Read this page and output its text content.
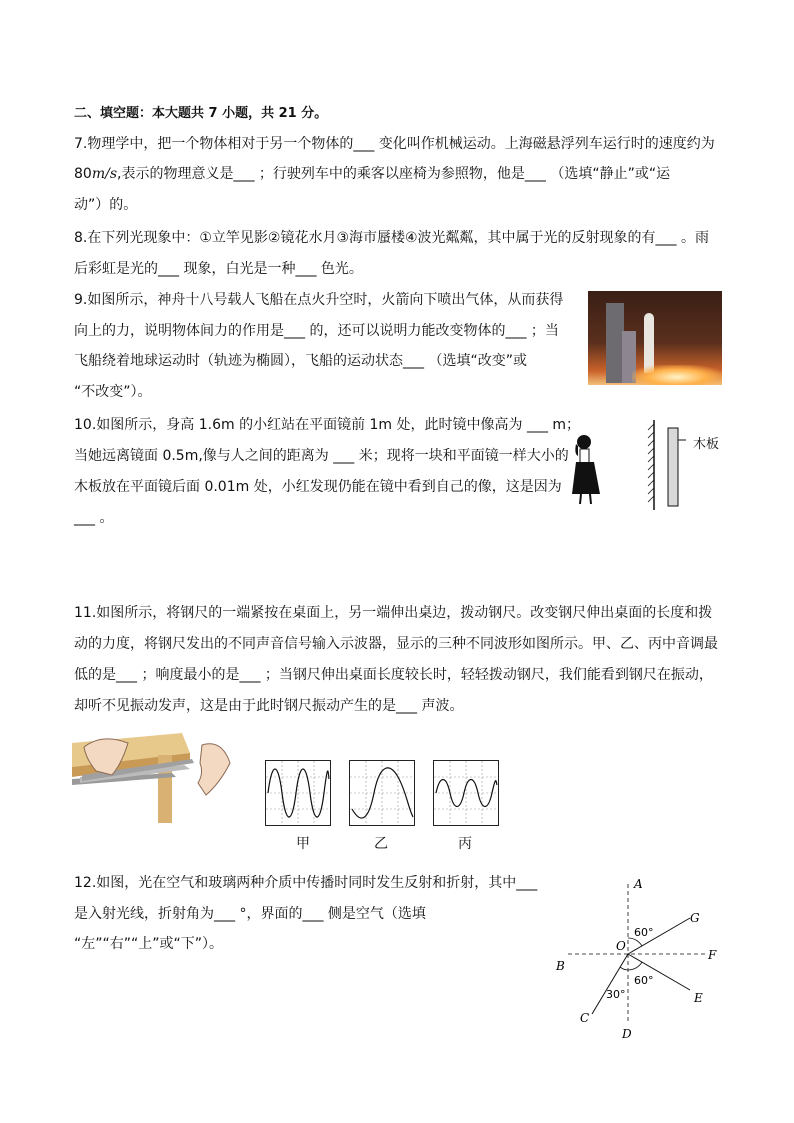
二、填空题：本大题共 7 小题，共 21 分。
7.物理学中，把一个物体相对于另一个物体的___ 变化叫作机械运动。上海磁悬浮列车运行时的速度约为
80m/s,表示的物理意义是___ ；行驶列车中的乘客以座椅为参照物，他是___ （选填“静止”或“运
动”）的。
8.在下列光现象中：①立竿见影②镜花水月③海市蜃楼④波光粼粼，其中属于光的反射现象的有___ 。雨
后彩虹是光的___ 现象，白光是一种___ 色光。
9.如图所示，神舟十八号载人飞船在点火升空时，火箭向下喷出气体，从而获得
向上的力，说明物体间力的作用是___ 的，还可以说明力能改变物体的___ ；当
飞船绕着地球运动时（轨迹为椭圆），飞船的运动状态___ （选填“改变”或
“不改变”）。
10.如图所示，身高 1.6m 的小红站在平面镜前 1m 处，此时镜中像高为 ___ m；
当她远离镜面 0.5m,像与人之间的距离为 ___ 米；现将一块和平面镜一样大小的
木板放在平面镜后面 0.01m 处，小红发现仍能在镜中看到自己的像，这是因为
___ 。
木板
11.如图所示，将钢尺的一端紧按在桌面上，另一端伸出桌边，拨动钢尺。改变钢尺伸出桌面的长度和拨
动的力度，将钢尺发出的不同声音信号输入示波器，显示的三种不同波形如图所示。甲、乙、丙中音调最
低的是___ ；响度最小的是___ ；当钢尺伸出桌面长度较长时，轻轻拨动钢尺，我们能看到钢尺在振动，
却听不见振动发声，这是由于此时钢尺振动产生的是___ 声波。
甲	乙	丙
12.如图，光在空气和玻璃两种介质中传播时同时发生反射和折射，其中___
是入射光线，折射角为___ °，界面的___ 侧是空气（选填
“左”“右”“上”或“下”）。
A
B
C
D
E
F
G
O
60°
60°
30°
